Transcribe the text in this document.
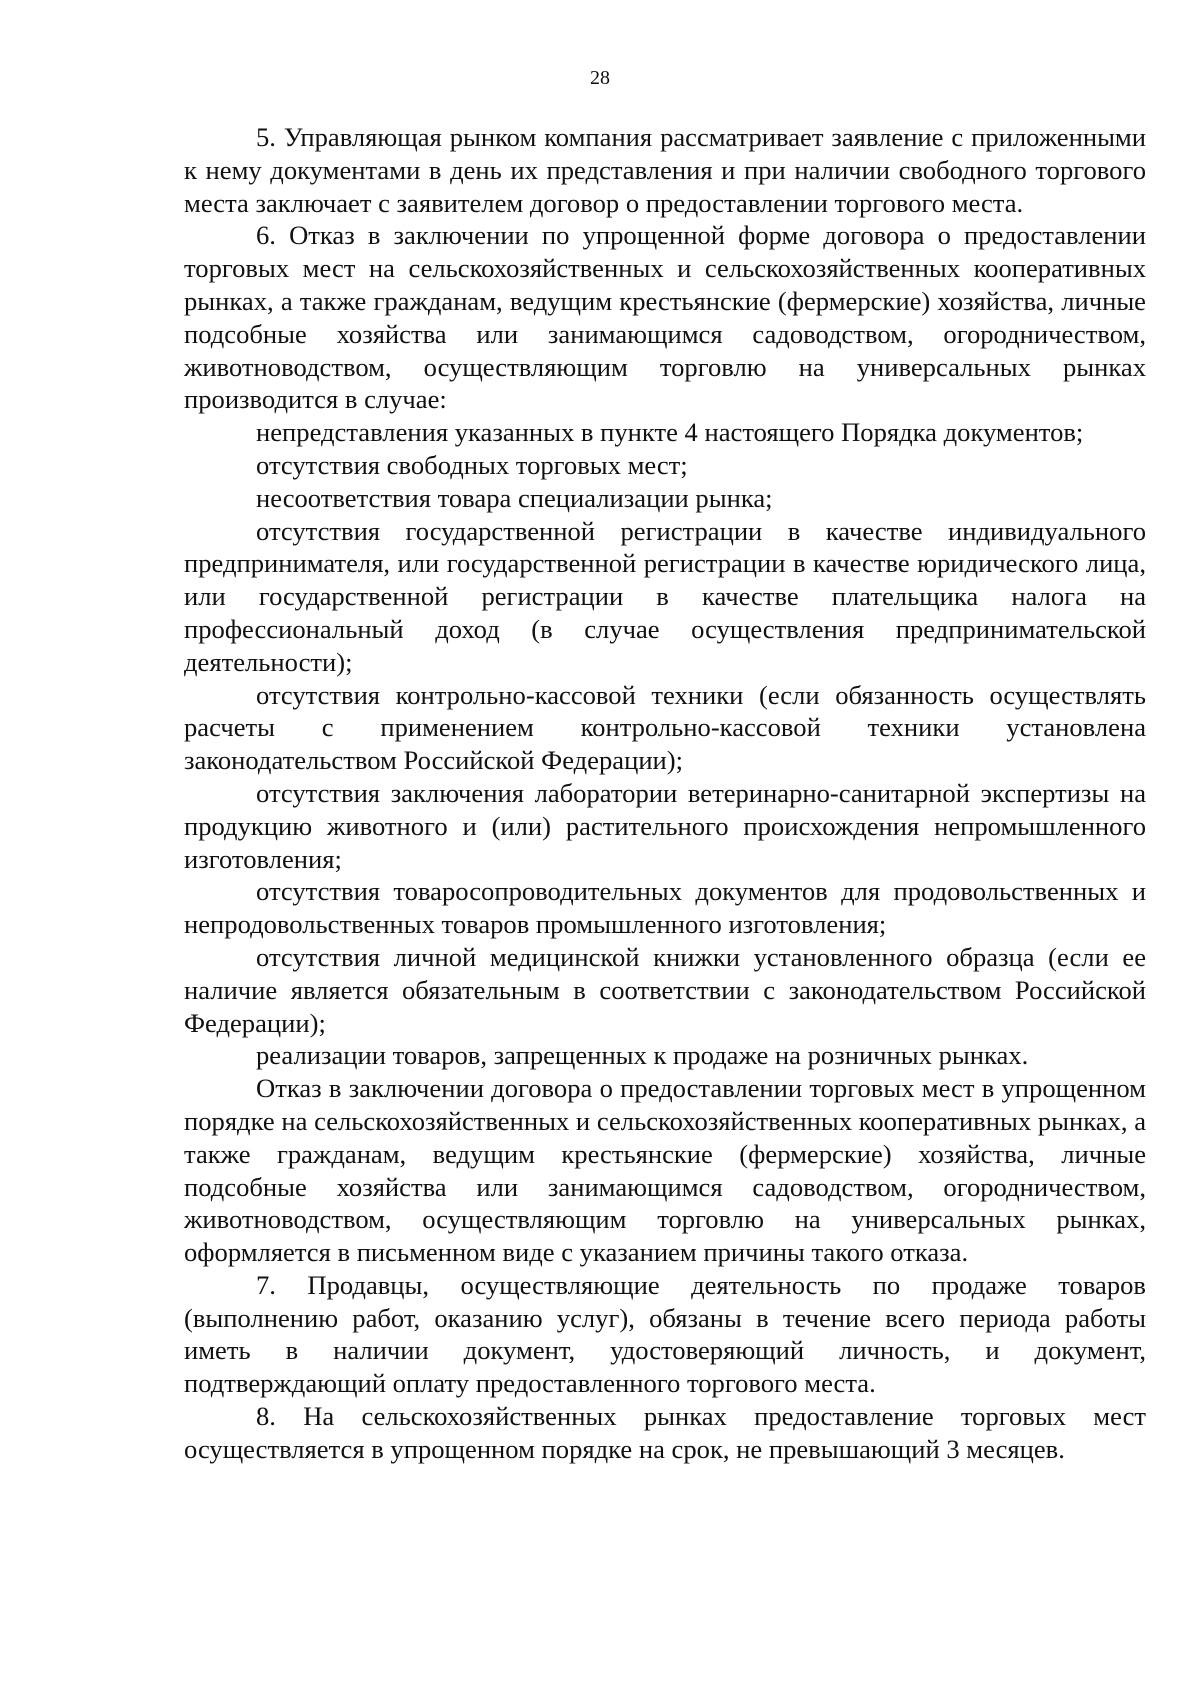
28

5. Управляющая рынком компания рассматривает заявление с приложенными к нему документами в день их представления и при наличии свободного торгового места заключает с заявителем договор о предоставлении торгового места.

6. Отказ в заключении по упрощенной форме договора о предоставлении торговых мест на сельскохозяйственных и сельскохозяйственных кооперативных рынках, а также гражданам, ведущим крестьянские (фермерские) хозяйства, личные подсобные хозяйства или занимающимся садоводством, огородничеством, животноводством, осуществляющим торговлю на универсальных рынках производится в случае:

непредставления указанных в пункте 4 настоящего Порядка документов;

отсутствия свободных торговых мест;

несоответствия товара специализации рынка;

отсутствия государственной регистрации в качестве индивидуального предпринимателя, или государственной регистрации в качестве юридического лица, или государственной регистрации в качестве плательщика налога на профессиональный доход (в случае осуществления предпринимательской деятельности);

отсутствия контрольно-кассовой техники (если обязанность осуществлять расчеты с применением контрольно-кассовой техники установлена законодательством Российской Федерации);

отсутствия заключения лаборатории ветеринарно-санитарной экспертизы на продукцию животного и (или) растительного происхождения непромышленного изготовления;

отсутствия товаросопроводительных документов для продовольственных и непродовольственных товаров промышленного изготовления;

отсутствия личной медицинской книжки установленного образца (если ее наличие является обязательным в соответствии с законодательством Российской Федерации);

реализации товаров, запрещенных к продаже на розничных рынках.

Отказ в заключении договора о предоставлении торговых мест в упрощенном порядке на сельскохозяйственных и сельскохозяйственных кооперативных рынках, а также гражданам, ведущим крестьянские (фермерские) хозяйства, личные подсобные хозяйства или занимающимся садоводством, огородничеством, животноводством, осуществляющим торговлю на универсальных рынках, оформляется в письменном виде с указанием причины такого отказа.

7. Продавцы, осуществляющие деятельность по продаже товаров (выполнению работ, оказанию услуг), обязаны в течение всего периода работы иметь в наличии документ, удостоверяющий личность, и документ, подтверждающий оплату предоставленного торгового места.

8. На сельскохозяйственных рынках предоставление торговых мест осуществляется в упрощенном порядке на срок, не превышающий 3 месяцев.
